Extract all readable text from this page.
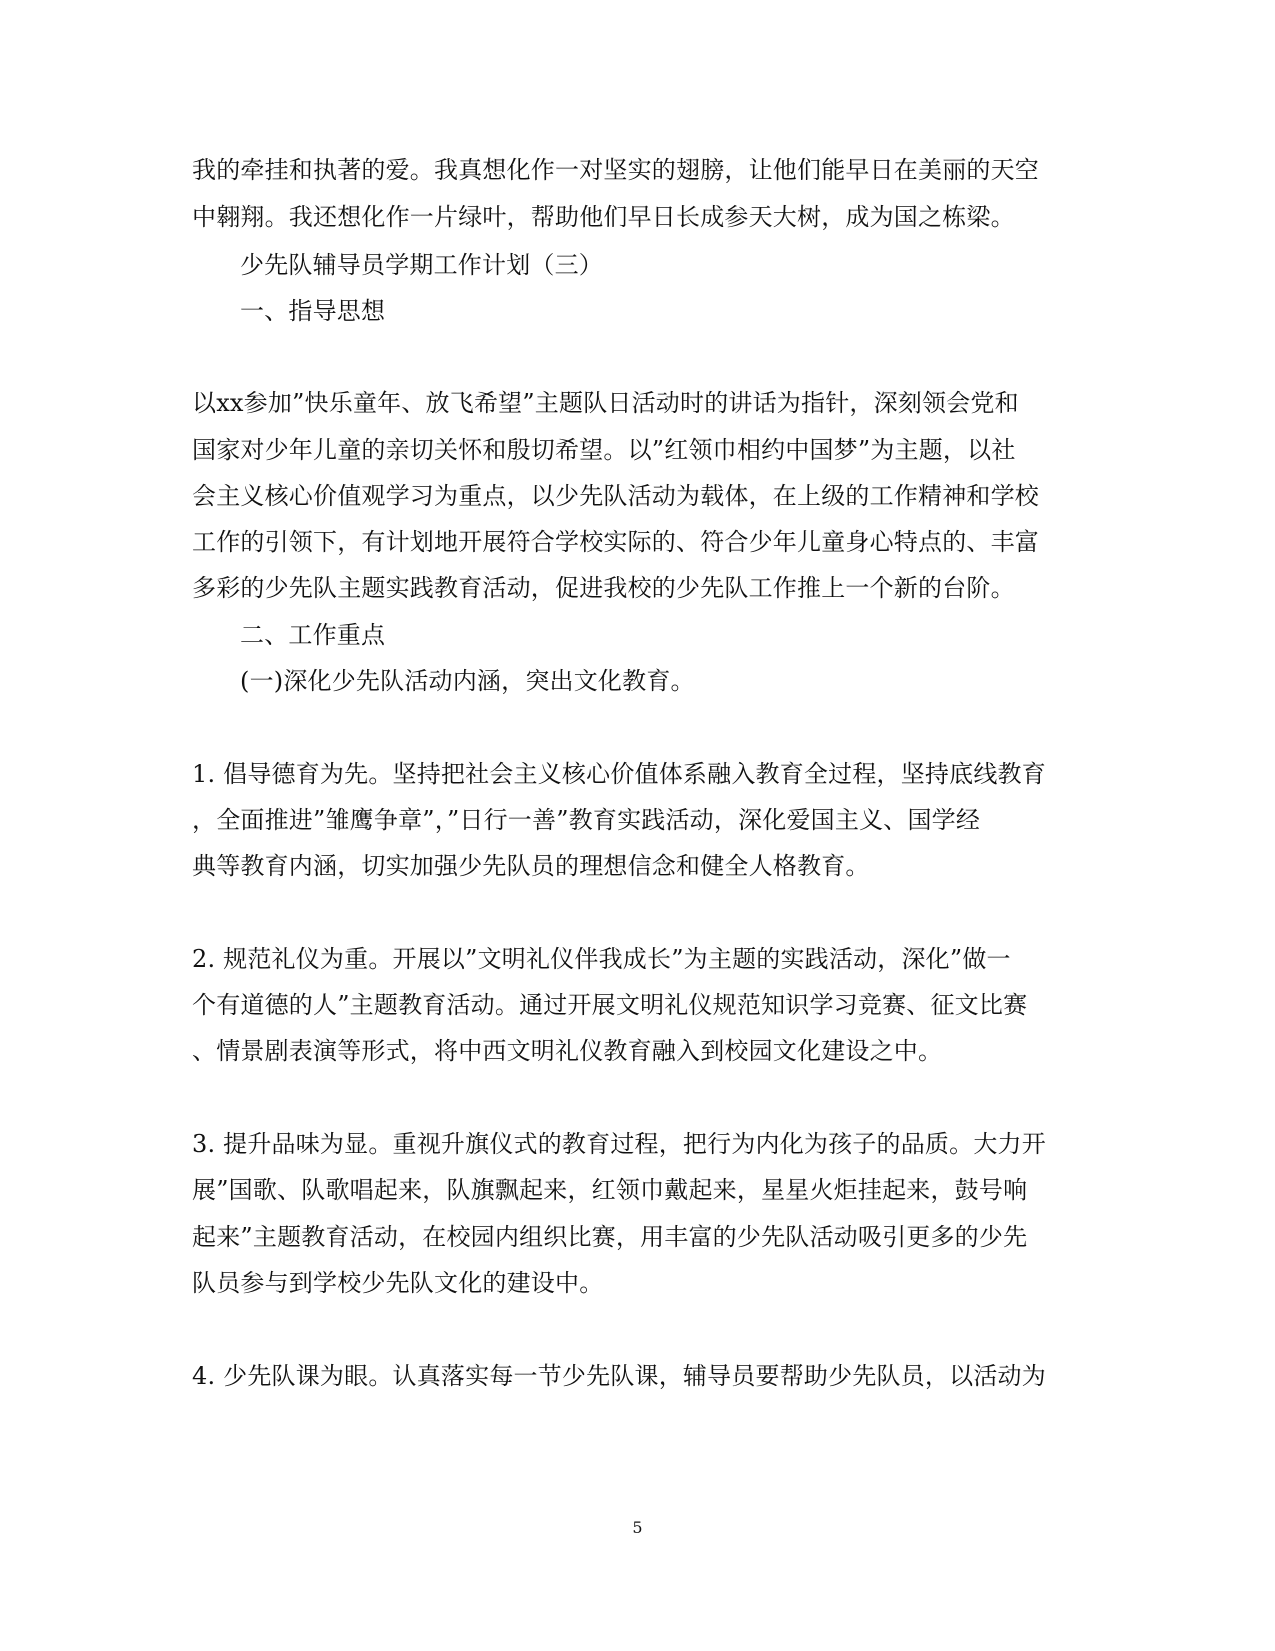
我的牵挂和执著的爱。我真想化作一对坚实的翅膀，让他们能早日在美丽的天空
中翱翔。我还想化作一片绿叶，帮助他们早日长成参天大树，成为国之栋梁。
少先队辅导员学期工作计划（三）
一、指导思想
以xx参加”快乐童年、放飞希望”主题队日活动时的讲话为指针，深刻领会党和
国家对少年儿童的亲切关怀和殷切希望。以”红领巾相约中国梦”为主题，以社
会主义核心价值观学习为重点，以少先队活动为载体，在上级的工作精神和学校
工作的引领下，有计划地开展符合学校实际的、符合少年儿童身心特点的、丰富
多彩的少先队主题实践教育活动，促进我校的少先队工作推上一个新的台阶。
二、工作重点
(一)深化少先队活动内涵，突出文化教育。
1. 倡导德育为先。坚持把社会主义核心价值体系融入教育全过程，坚持底线教育
，全面推进”雏鹰争章”，”日行一善”教育实践活动，深化爱国主义、国学经
典等教育内涵，切实加强少先队员的理想信念和健全人格教育。
2. 规范礼仪为重。开展以”文明礼仪伴我成长”为主题的实践活动，深化”做一
个有道德的人”主题教育活动。通过开展文明礼仪规范知识学习竞赛、征文比赛
、情景剧表演等形式，将中西文明礼仪教育融入到校园文化建设之中。
3. 提升品味为显。重视升旗仪式的教育过程，把行为内化为孩子的品质。大力开
展”国歌、队歌唱起来，队旗飘起来，红领巾戴起来，星星火炬挂起来，鼓号响
起来”主题教育活动，在校园内组织比赛，用丰富的少先队活动吸引更多的少先
队员参与到学校少先队文化的建设中。
4. 少先队课为眼。认真落实每一节少先队课，辅导员要帮助少先队员，以活动为
5
